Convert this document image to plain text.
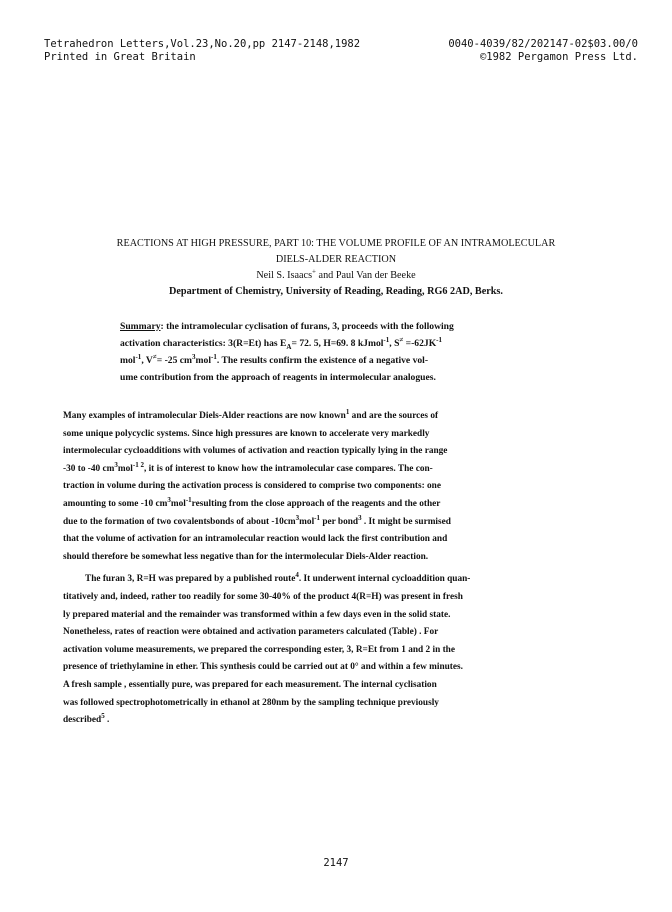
Tetrahedron Letters,Vol.23,No.20,pp 2147-2148,1982	0040-4039/82/202147-02$03.00/0
Printed in Great Britain	©1982 Pergamon Press Ltd.
REACTIONS AT HIGH PRESSURE, PART 10: THE VOLUME PROFILE OF AN INTRAMOLECULAR
DIELS-ALDER REACTION
Neil S. Isaacs+ and Paul Van der Beeke
Department of Chemistry, University of Reading, Reading, RG6 2AD, Berks.
Summary: the intramolecular cyclisation of furans, 3, proceeds with the following
activation characteristics: 3(R=Et) has $E_A= 72$. 5, H=69. 8 kJmol$^{-1}$, $S^\ne =-62JK^{-1}$
mol$^{-1}$, V≠= -25 $cm^3mol^{-1}$. The results confirm the existence of a negative vol-
ume contribution from the approach of reagents in intermolecular analogues.
Many examples of intramolecular Diels-Alder reactions are now known$^1$ and are the sources of
some unique polycyclic systems. Since high pressures are known to accelerate very markedly
intermolecular cycloadditions with volumes of activation and reaction typically lying in the range
-30 to -40 $cm^3mol^{-1 2}$, it is of interest to know how the intramolecular case compares. The con-
traction in volume during the activation process is considered to comprise two components: one
amounting to some -10 $cm^3mol^{-1}resulting$ from the close approach of the reagents and the other
due to the formation of two covalentsbonds of about $-10cm^3mol^{-1}$ per bond$^3$ . It might be surmised
that the volume of activation for an intramolecular reaction would lack the first contribution and
should therefore be somewhat less negative than for the intermolecular Diels-Alder reaction.
The furan 3, R=H was prepared by a published route$^4$. It underwent internal cycloaddition quan-
titatively and, indeed, rather too readily for some 30-40% of the product 4(R=H) was present in fresh
ly prepared material and the remainder was transformed within a few days even in the solid state.
Nonetheless, rates of reaction were obtained and activation parameters calculated (Table) . For
activation volume measurements, we prepared the corresponding ester, 3, R=Et from 1 and 2 in the
presence of triethylamine in ether. This synthesis could be carried out at 0° and within a few minutes.
A fresh sample , essentially pure, was prepared for each measurement. The internal cyclisation
was followed spectrophotometrically in ethanol at 280nm by the sampling technique previously
described$^5$ .
2147
